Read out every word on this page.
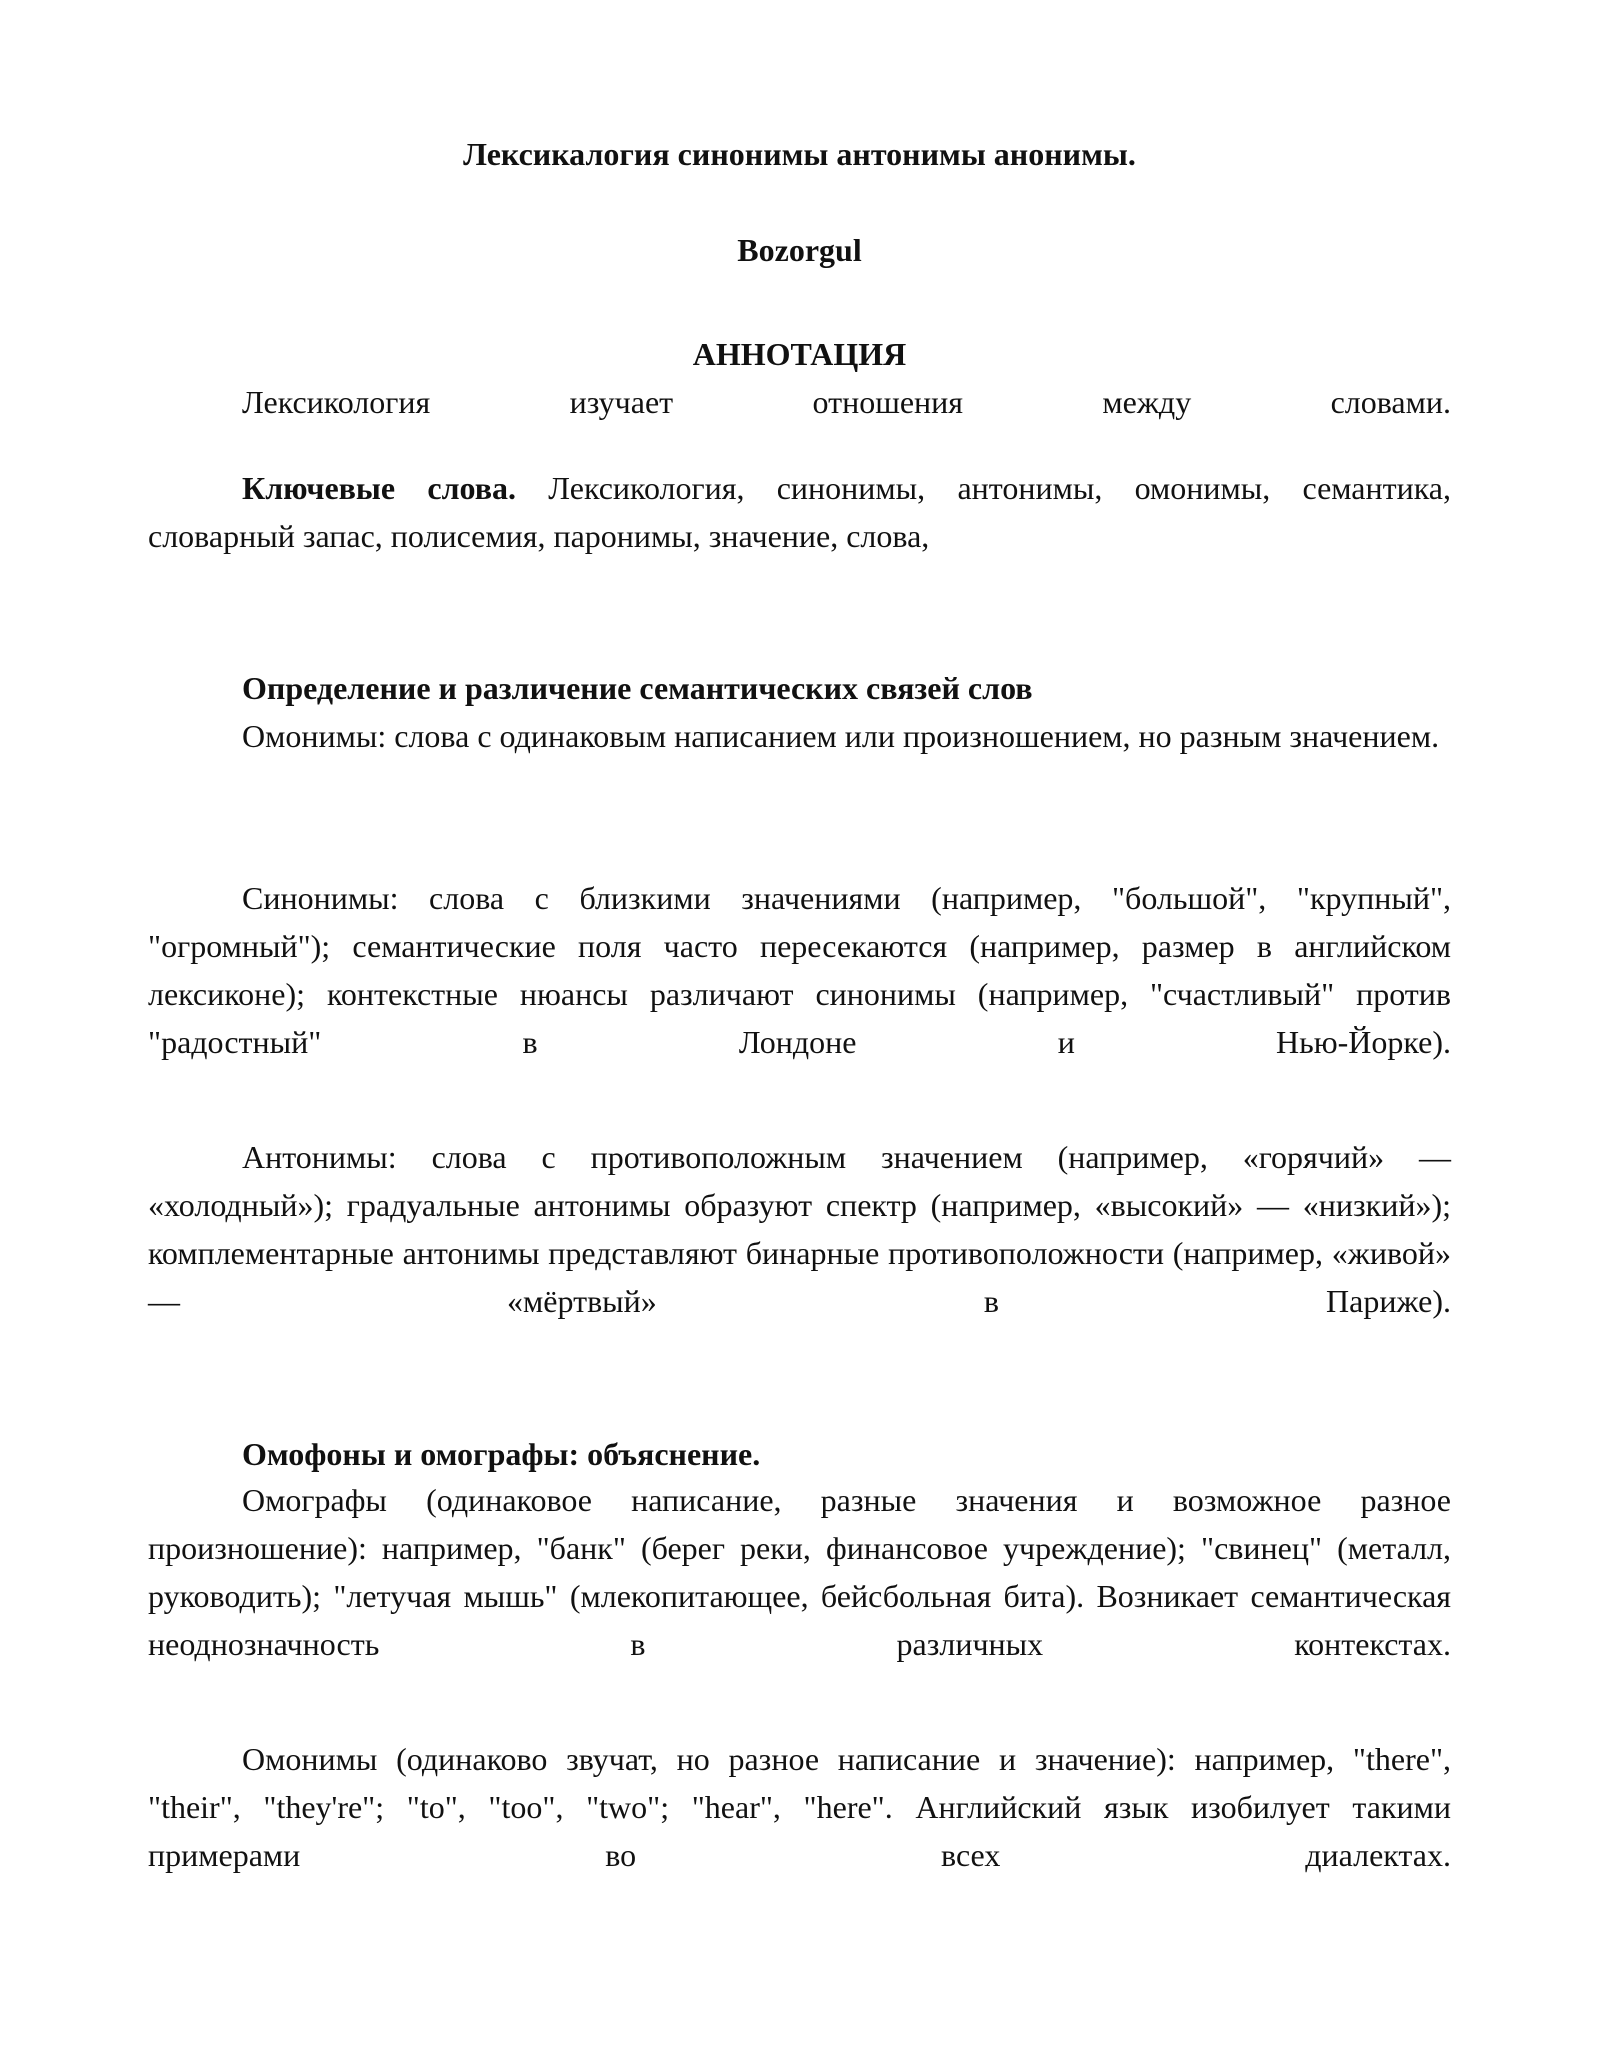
Лексикалогия синонимы антонимы анонимы.
Bozorgul
АННОТАЦИЯ

Лексикология изучает отношения между словами.

Ключевые слова. Лексикология, синонимы, антонимы, омонимы, семантика, словарный запас, полисемия, паронимы, значение, слова,

Определение и различение семантических связей слов

Омонимы: слова с одинаковым написанием или произношением, но разным значением.

Синонимы: слова с близкими значениями (например, "большой", "крупный", "огромный"); семантические поля часто пересекаются (например, размер в английском лексиконе); контекстные нюансы различают синонимы (например, "счастливый" против "радостный" в Лондоне и Нью-Йорке).

Антонимы: слова с противоположным значением (например, «горячий» — «холодный»); градуальные антонимы образуют спектр (например, «высокий» — «низкий»); комплементарные антонимы представляют бинарные противоположности (например, «живой» — «мёртвый» в Париже).

Омофоны и омографы: объяснение.

Омографы (одинаковое написание, разные значения и возможное разное произношение): например, "банк" (берег реки, финансовое учреждение); "свинец" (металл, руководить); "летучая мышь" (млекопитающее, бейсбольная бита). Возникает семантическая неоднозначность в различных контекстах.

Омонимы (одинаково звучат, но разное написание и значение): например, "there", "their", "they're"; "to", "too", "two"; "hear", "here". Английский язык изобилует такими примерами во всех диалектах.
